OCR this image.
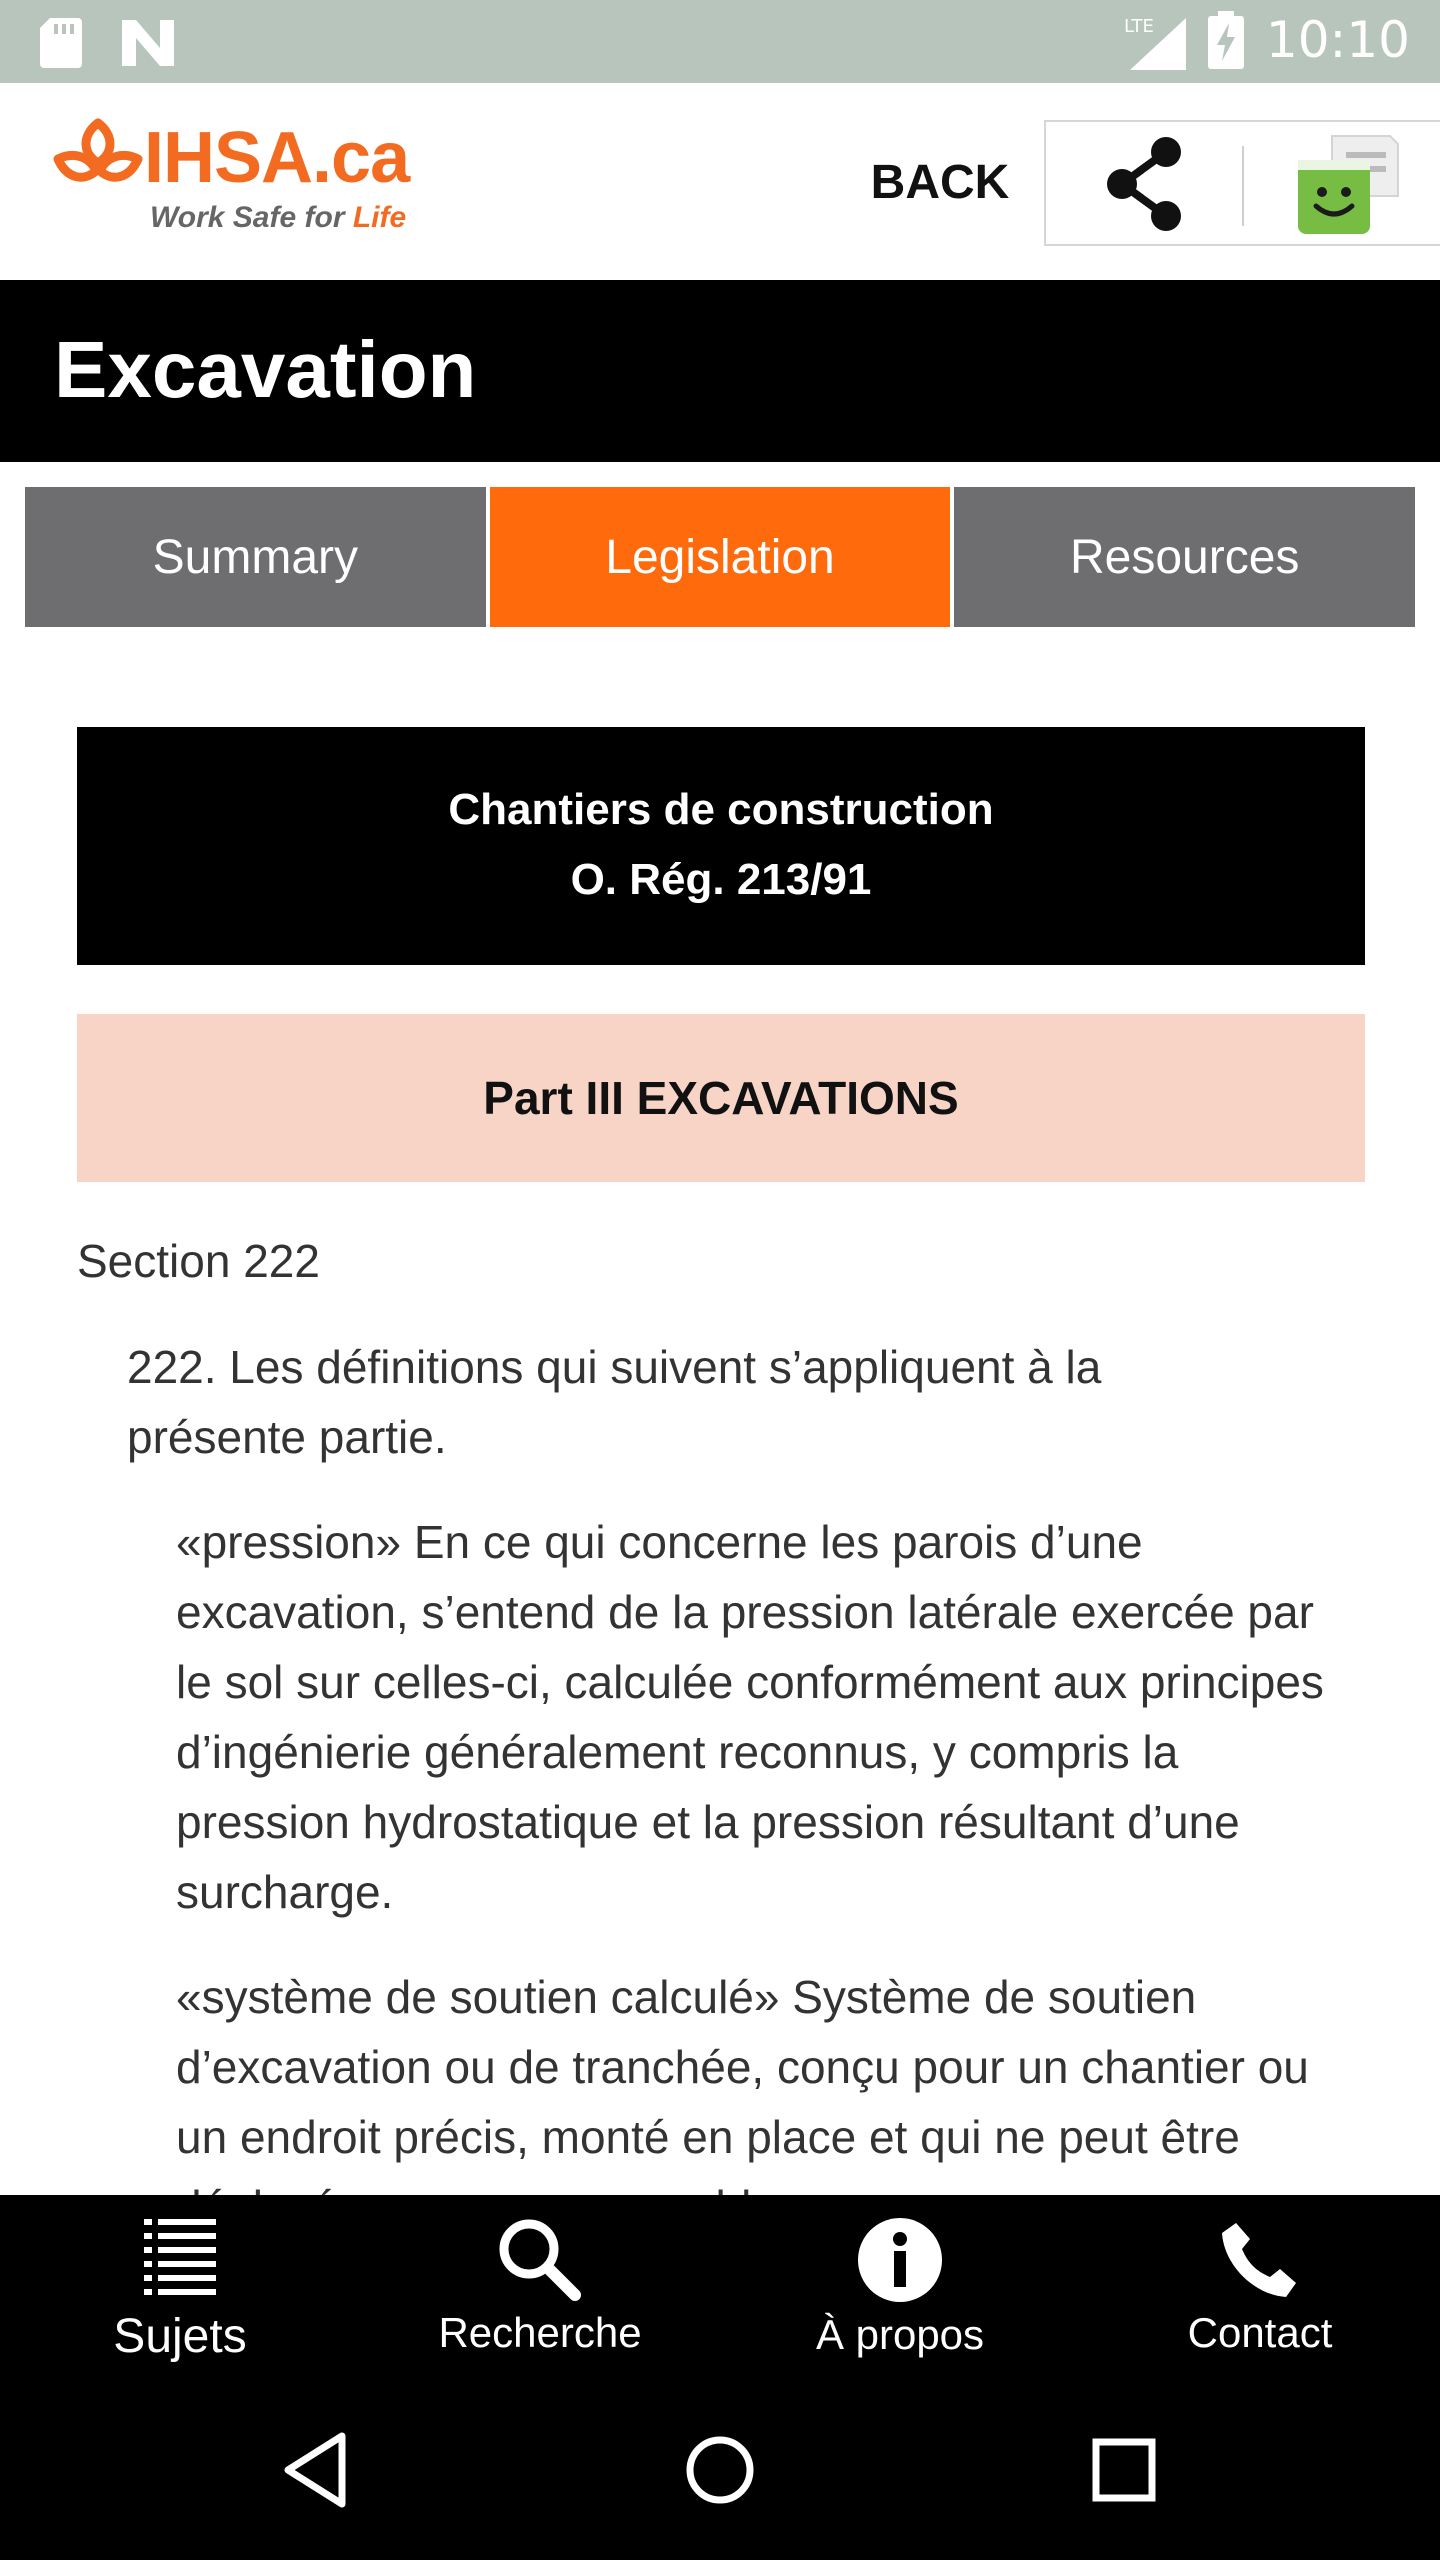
LTE 10:10
IHSA.ca
Work Safe for Life
BACK
Excavation
Summary	Legislation	Resources
Chantiers de construction
O. Rég. 213/91
Part III EXCAVATIONS
Section 222

222. Les définitions qui suivent s’appliquent à la présente partie.

«pression» En ce qui concerne les parois d’une excavation, s’entend de la pression latérale exercée par le sol sur celles-ci, calculée conformément aux principes d’ingénierie généralement reconnus, y compris la pression hydrostatique et la pression résultant d’une surcharge.

«système de soutien calculé» Système de soutien d’excavation ou de tranchée, conçu pour un chantier ou un endroit précis, monté en place et qui ne peut être

Sujets	Recherche	À propos	Contact
